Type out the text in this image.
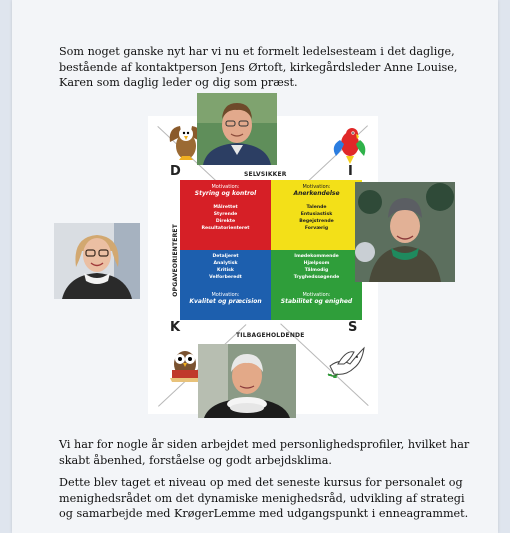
Som noget ganske nyt har vi nu et formelt ledelsesteam i det daglige, bestående af kontaktperson Jens Ørtoft, kirkegårdsleder Anne Louise, Karen som daglig leder og dig som præst.

D	I
K	S
SELVSIKKER
TILBAGEHOLDENDE
OPGAVEORIENTERET
Motivation:
Styring og kontrol
Målrettet
Styrende
Direkte
Resultatorienteret
Motivation:
Anerkendelse
Talende
Entusiastisk
Begejstrende
Forværig
Detaljeret
Analytisk
Kritisk
Velforberedt
Motivation:
Kvalitet og præcision
Imødekommende
Hjælpsom
Tålmodig
Tryghedssøgende
Motivation:
Stabilitet og enighed

Vi har for nogle år siden arbejdet med personlighedsprofiler, hvilket har skabt åbenhed, forståelse og godt arbejdsklima.

Dette blev taget et niveau op med det seneste kursus for personalet og menighedsrådet om det dynamiske menighedsråd, udvikling af strategi og samarbejde med KrøgerLemme med udgangspunkt i enneagrammet.
